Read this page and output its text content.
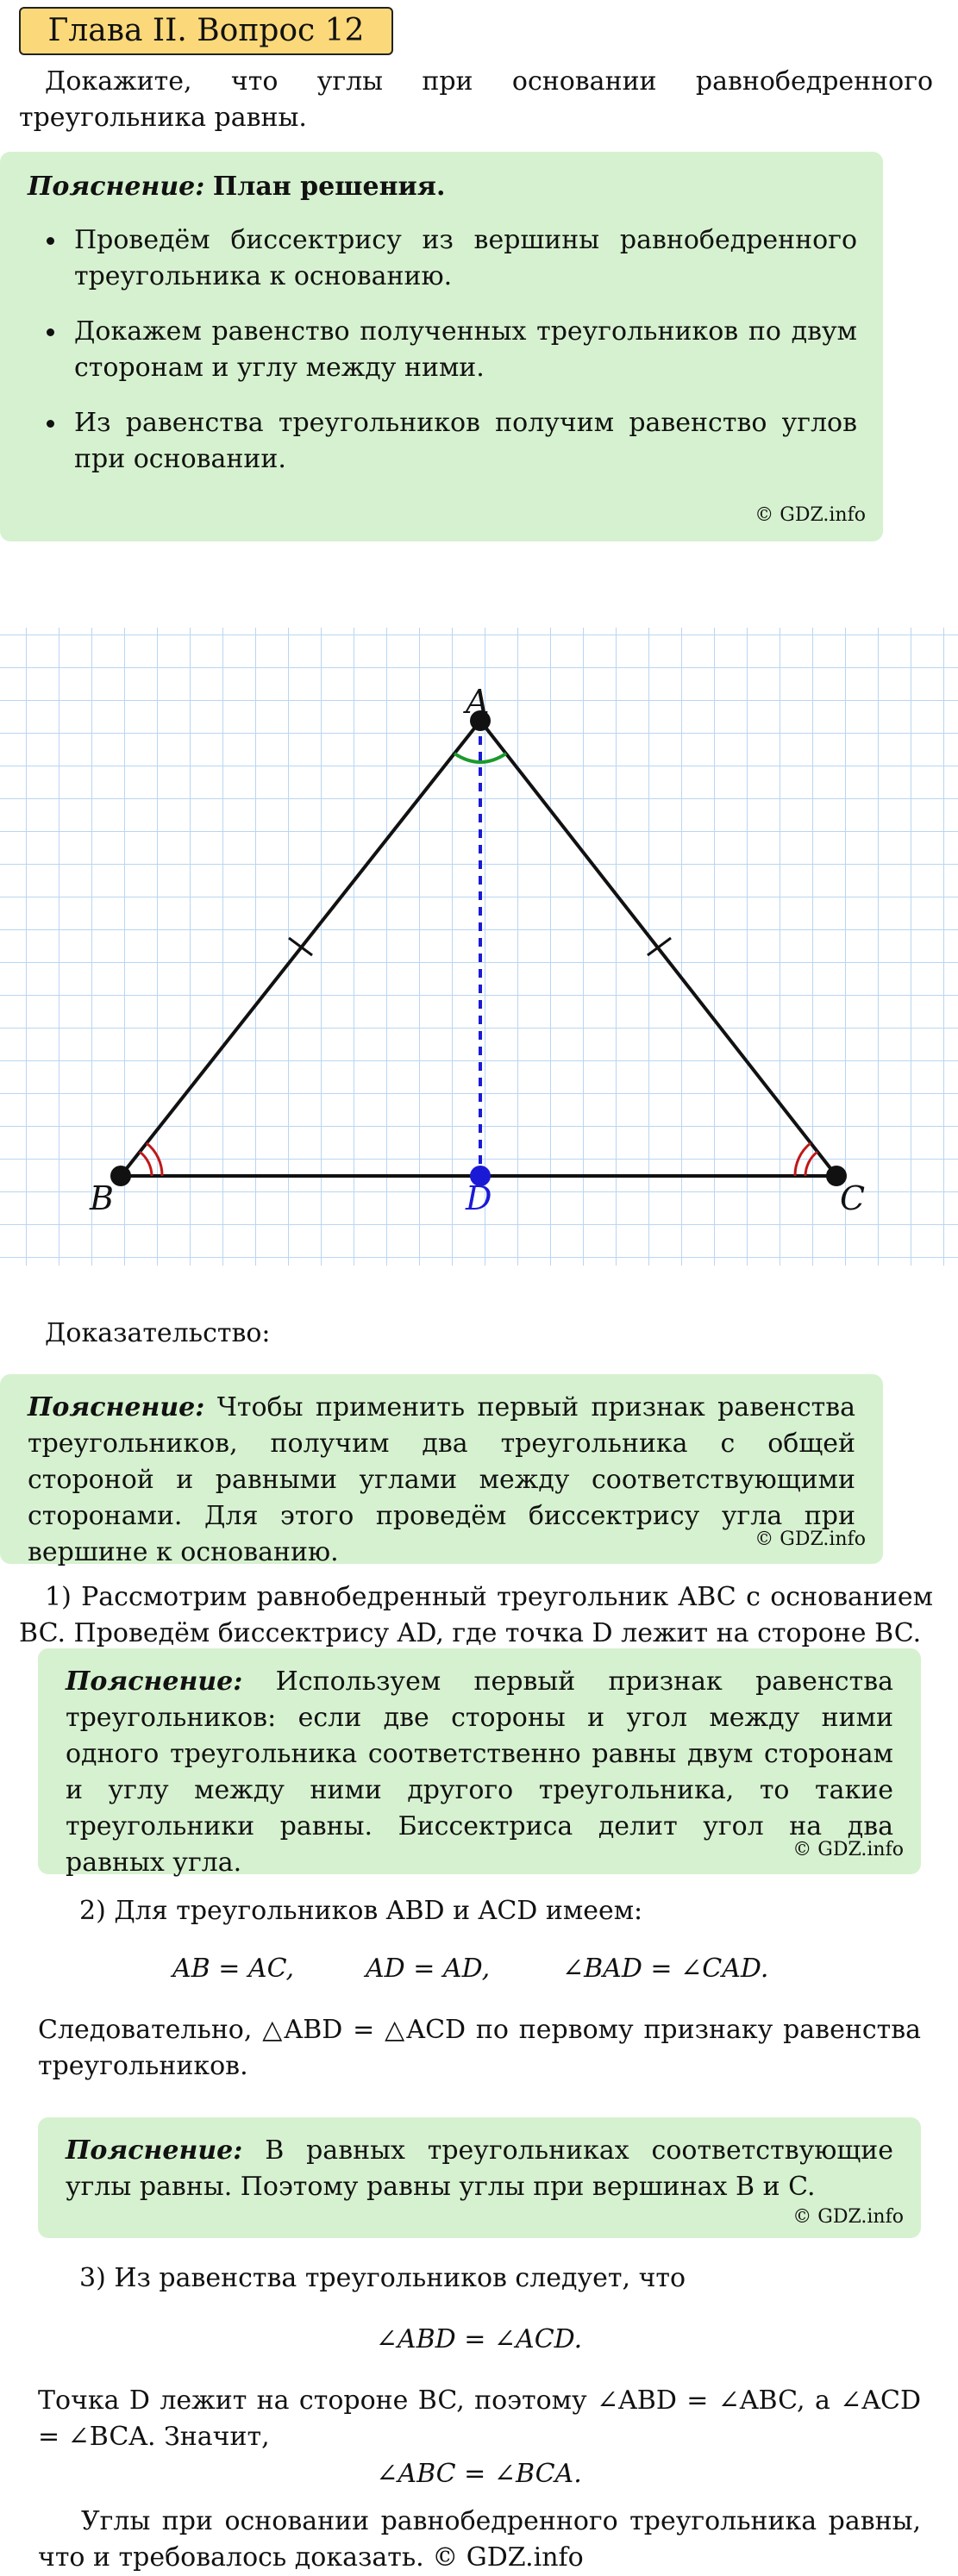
Глава II. Вопрос 12
Докажите, что углы при основании равнобедренного треугольника равны.
Пояснение: План решения.
• Проведём биссектрису из вершины равнобедренного треугольника к основанию.
• Докажем равенство полученных треугольников по двум сторонам и углу между ними.
• Из равенства треугольников получим равенство углов при основании.
© GDZ.info
A
B	C
D
Доказательство:
Пояснение: Чтобы применить первый признак равенства треугольников, получим два треугольника с общей стороной и равными углами между соответствующими сторонами. Для этого проведём биссектрису угла при вершине к основанию.	© GDZ.info
1) Рассмотрим равнобедренный треугольник ABC с основанием BC. Проведём биссектрису AD, где точка D лежит на стороне BC.
Пояснение: Используем первый признак равенства треугольников: если две стороны и угол между ними одного треугольника соответственно равны двум сторонам и углу между ними другого треугольника, то такие треугольники равны. Биссектриса делит угол на два равных угла.	© GDZ.info
2) Для треугольников ABD и ACD имеем:
AB = AC,	AD = AD,	∠BAD = ∠CAD.
Следовательно, △ABD = △ACD по первому признаку равенства треугольников.
Пояснение: В равных треугольниках соответствующие углы равны. Поэтому равны углы при вершинах B и C.
© GDZ.info
3) Из равенства треугольников следует, что
∠ABD = ∠ACD.
Точка D лежит на стороне BC, поэтому ∠ABD = ∠ABC, а ∠ACD = ∠BCA. Значит,
∠ABC = ∠BCA.
Углы при основании равнобедренного треугольника равны, что и требовалось доказать. © GDZ.info
